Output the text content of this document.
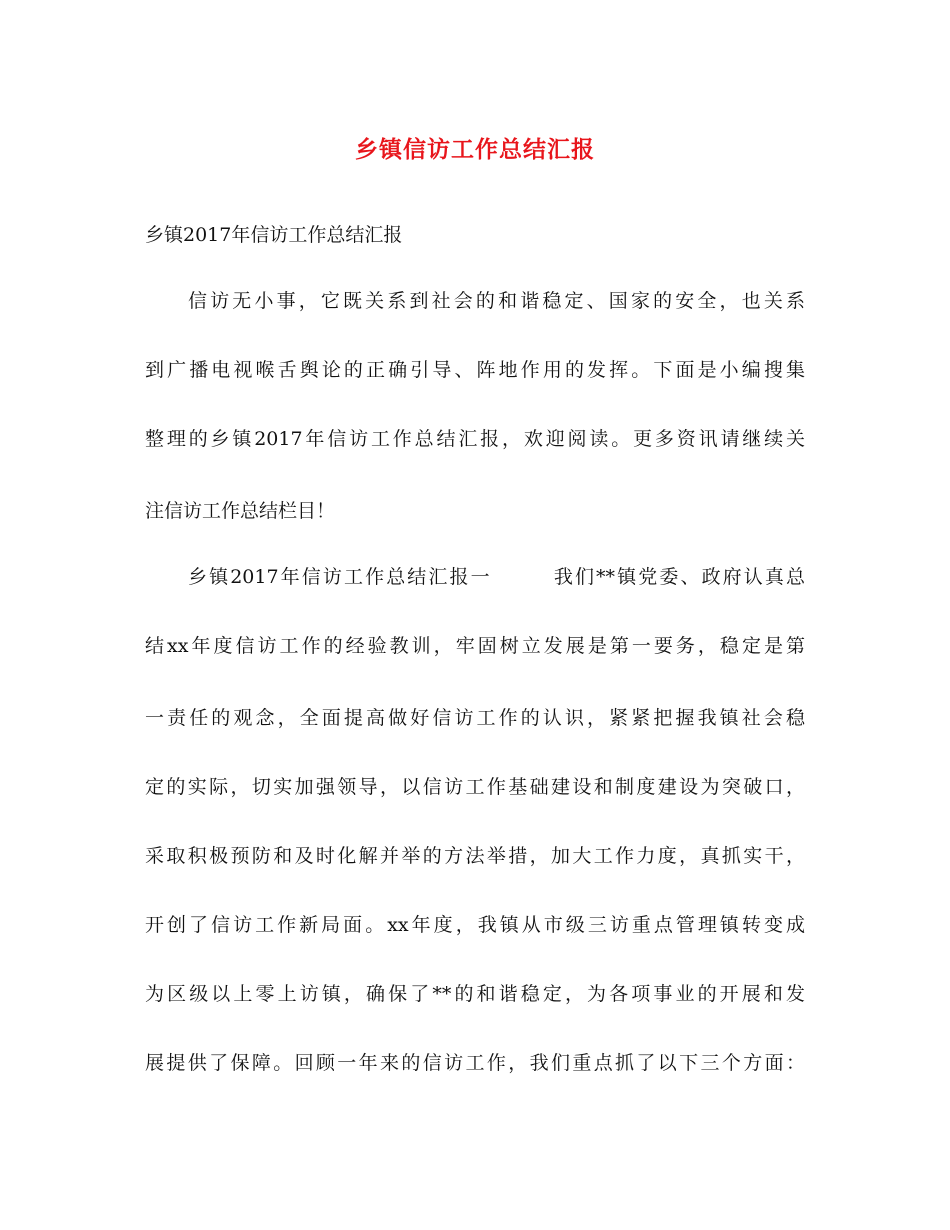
乡镇信访工作总结汇报
乡镇2017年信访工作总结汇报
信访无小事，它既关系到社会的和谐稳定、国家的安全，也关系
到广播电视喉舌舆论的正确引导、阵地作用的发挥。下面是小编搜集
整理的乡镇2017年信访工作总结汇报，欢迎阅读。更多资讯请继续关
注信访工作总结栏目！
乡镇2017年信访工作总结汇报一	我们**镇党委、政府认真总
结xx年度信访工作的经验教训，牢固树立发展是第一要务，稳定是第
一责任的观念，全面提高做好信访工作的认识，紧紧把握我镇社会稳
定的实际，切实加强领导，以信访工作基础建设和制度建设为突破口，
采取积极预防和及时化解并举的方法举措，加大工作力度，真抓实干，
开创了信访工作新局面。xx年度，我镇从市级三访重点管理镇转变成
为区级以上零上访镇，确保了**的和谐稳定，为各项事业的开展和发
展提供了保障。回顾一年来的信访工作，我们重点抓了以下三个方面：
